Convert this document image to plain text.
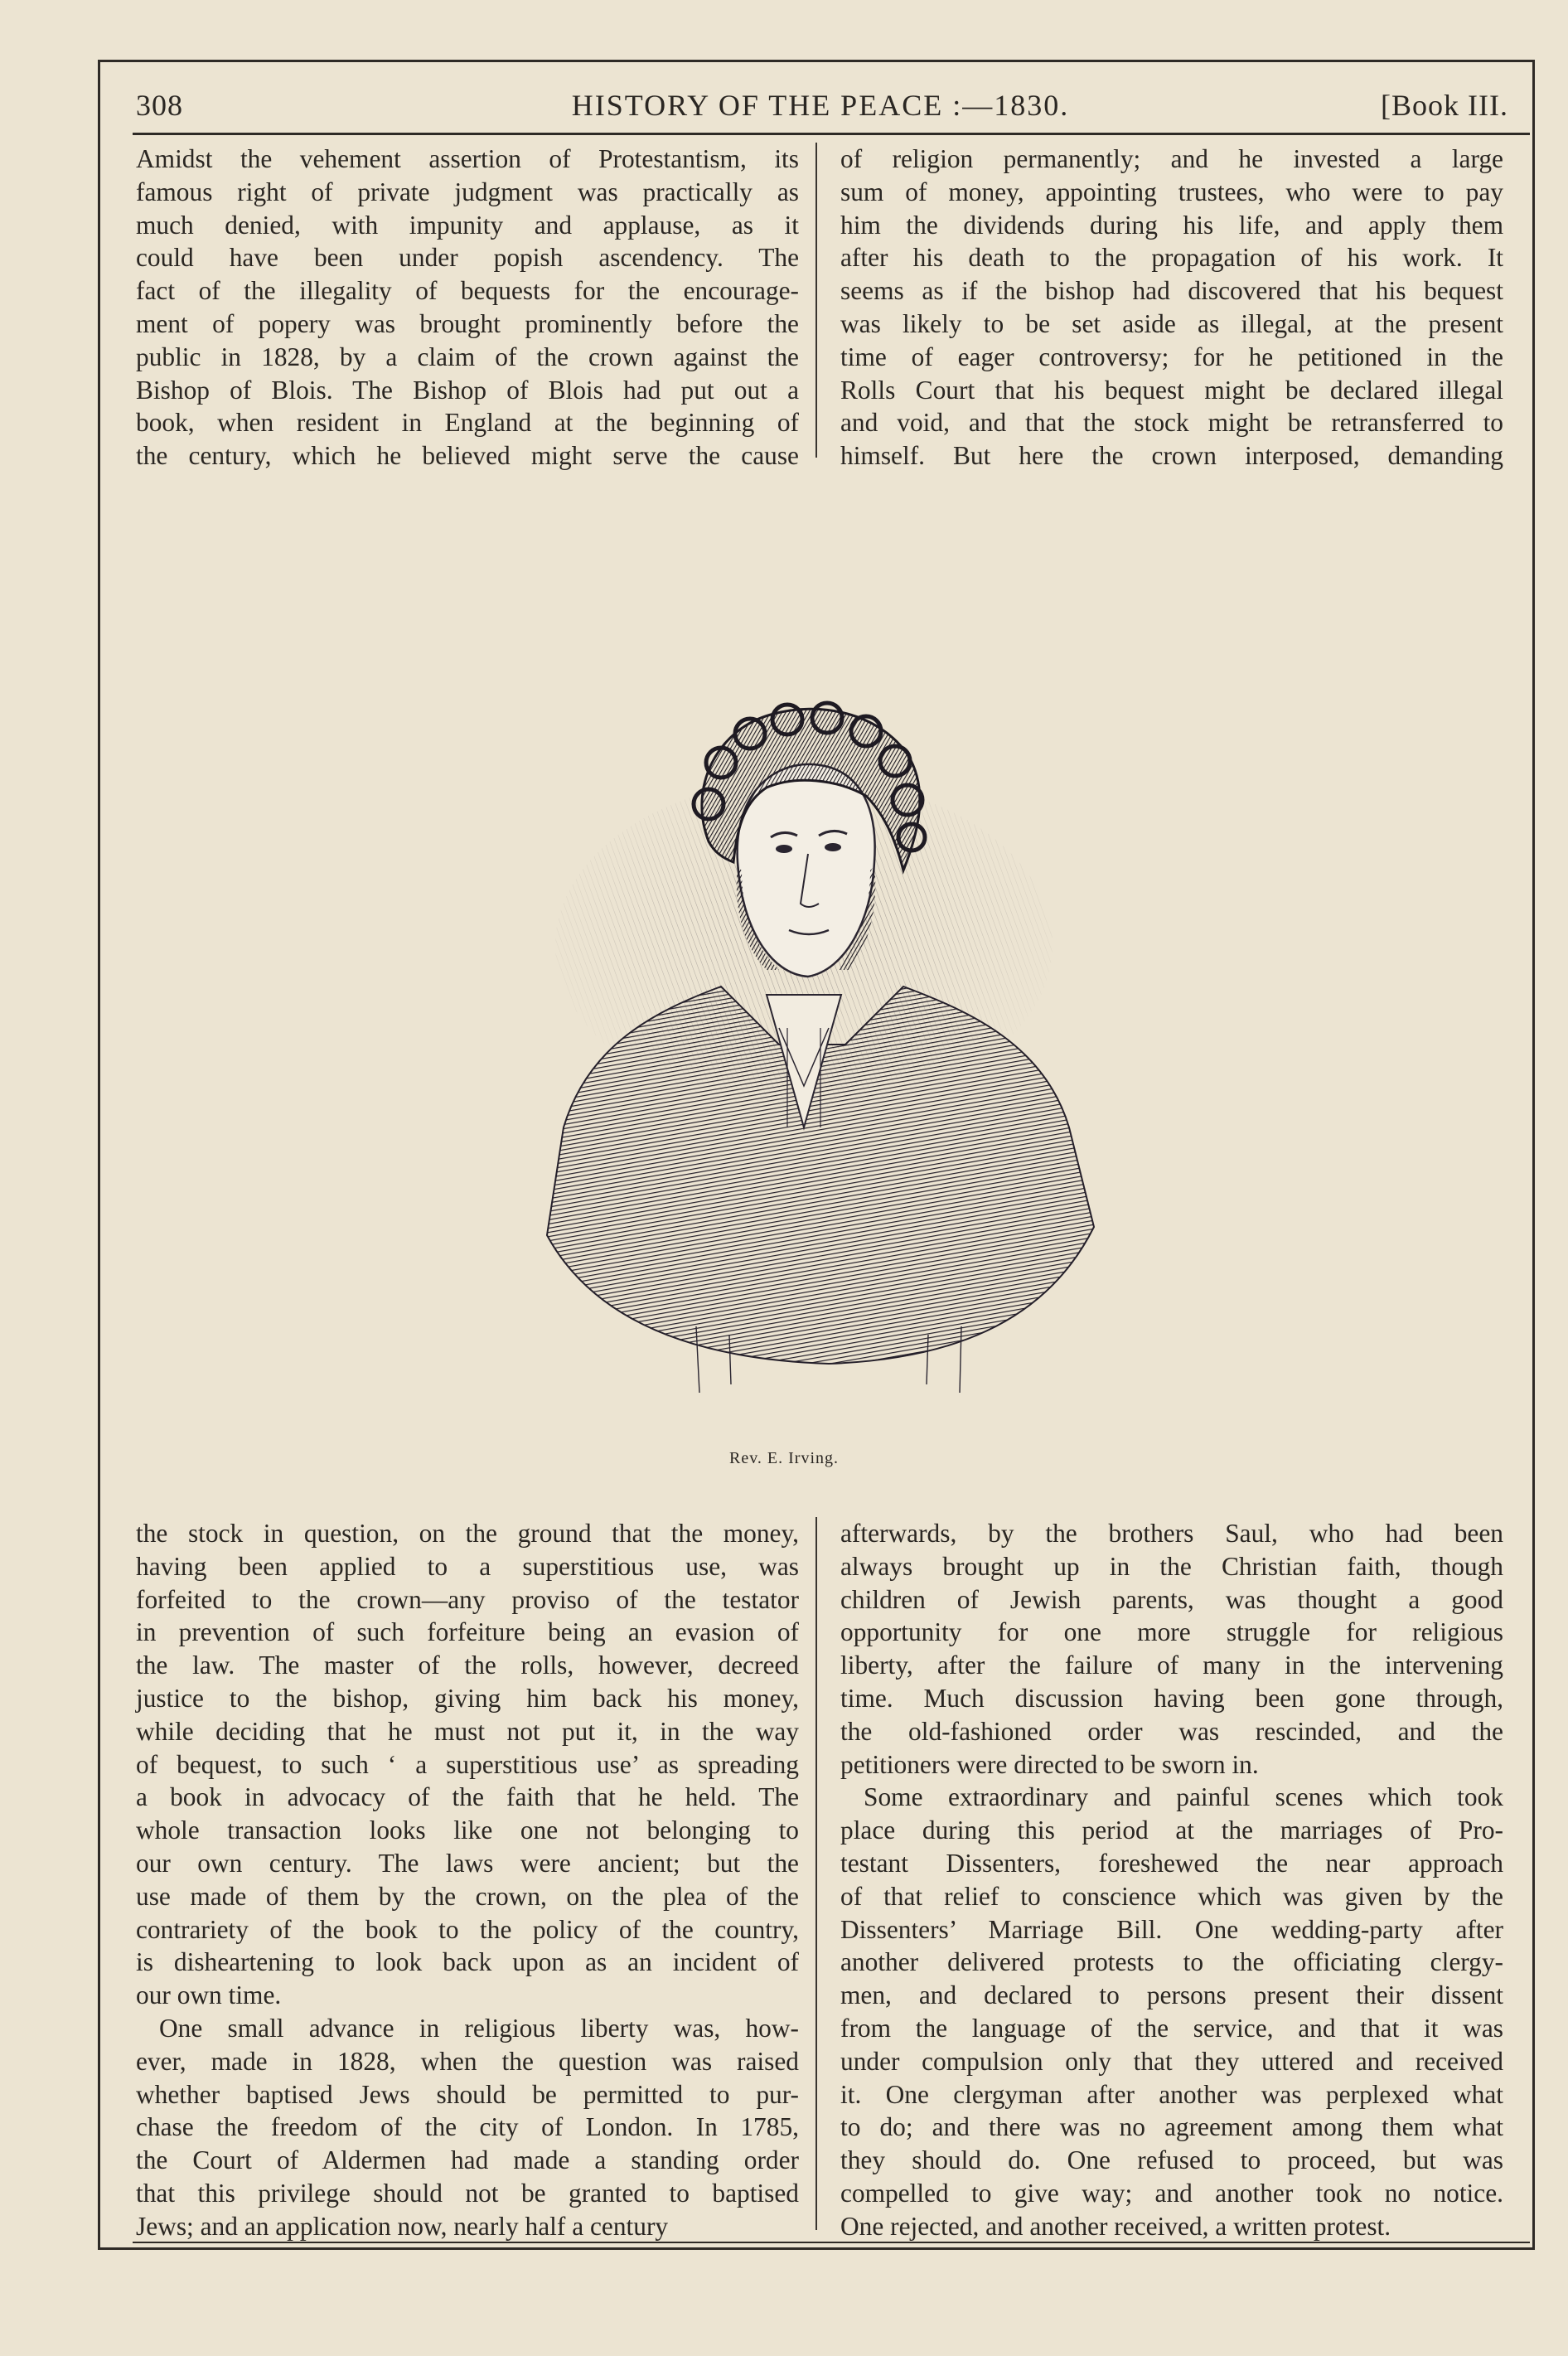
308	HISTORY OF THE PEACE :—1830.	[Book III.
Amidst the vehement assertion of Protestantism, its
famous right of private judgment was practically as
much denied, with impunity and applause, as it
could have been under popish ascendency. The
fact of the illegality of bequests for the encourage-
ment of popery was brought prominently before the
public in 1828, by a claim of the crown against the
Bishop of Blois. The Bishop of Blois had put out a
book, when resident in England at the beginning of
the century, which he believed might serve the cause
of religion permanently; and he invested a large
sum of money, appointing trustees, who were to pay
him the dividends during his life, and apply them
after his death to the propagation of his work. It
seems as if the bishop had discovered that his bequest
was likely to be set aside as illegal, at the present
time of eager controversy; for he petitioned in the
Rolls Court that his bequest might be declared illegal
and void, and that the stock might be retransferred to
himself. But here the crown interposed, demanding
Rev. E. Irving.
the stock in question, on the ground that the money,
having been applied to a superstitious use, was
forfeited to the crown—any proviso of the testator
in prevention of such forfeiture being an evasion of
the law. The master of the rolls, however, decreed
justice to the bishop, giving him back his money,
while deciding that he must not put it, in the way
of bequest, to such ‘ a superstitious use’ as spreading
a book in advocacy of the faith that he held. The
whole transaction looks like one not belonging to
our own century. The laws were ancient; but the
use made of them by the crown, on the plea of the
contrariety of the book to the policy of the country,
is disheartening to look back upon as an incident of
our own time.
One small advance in religious liberty was, how-
ever, made in 1828, when the question was raised
whether baptised Jews should be permitted to pur-
chase the freedom of the city of London. In 1785,
the Court of Aldermen had made a standing order
that this privilege should not be granted to baptised
Jews; and an application now, nearly half a century
afterwards, by the brothers Saul, who had been
always brought up in the Christian faith, though
children of Jewish parents, was thought a good
opportunity for one more struggle for religious
liberty, after the failure of many in the intervening
time. Much discussion having been gone through,
the old-fashioned order was rescinded, and the
petitioners were directed to be sworn in.
Some extraordinary and painful scenes which took
place during this period at the marriages of Pro-
testant Dissenters, foreshewed the near approach
of that relief to conscience which was given by the
Dissenters’ Marriage Bill. One wedding-party after
another delivered protests to the officiating clergy-
men, and declared to persons present their dissent
from the language of the service, and that it was
under compulsion only that they uttered and received
it. One clergyman after another was perplexed what
to do; and there was no agreement among them what
they should do. One refused to proceed, but was
compelled to give way; and another took no notice.
One rejected, and another received, a written protest.
